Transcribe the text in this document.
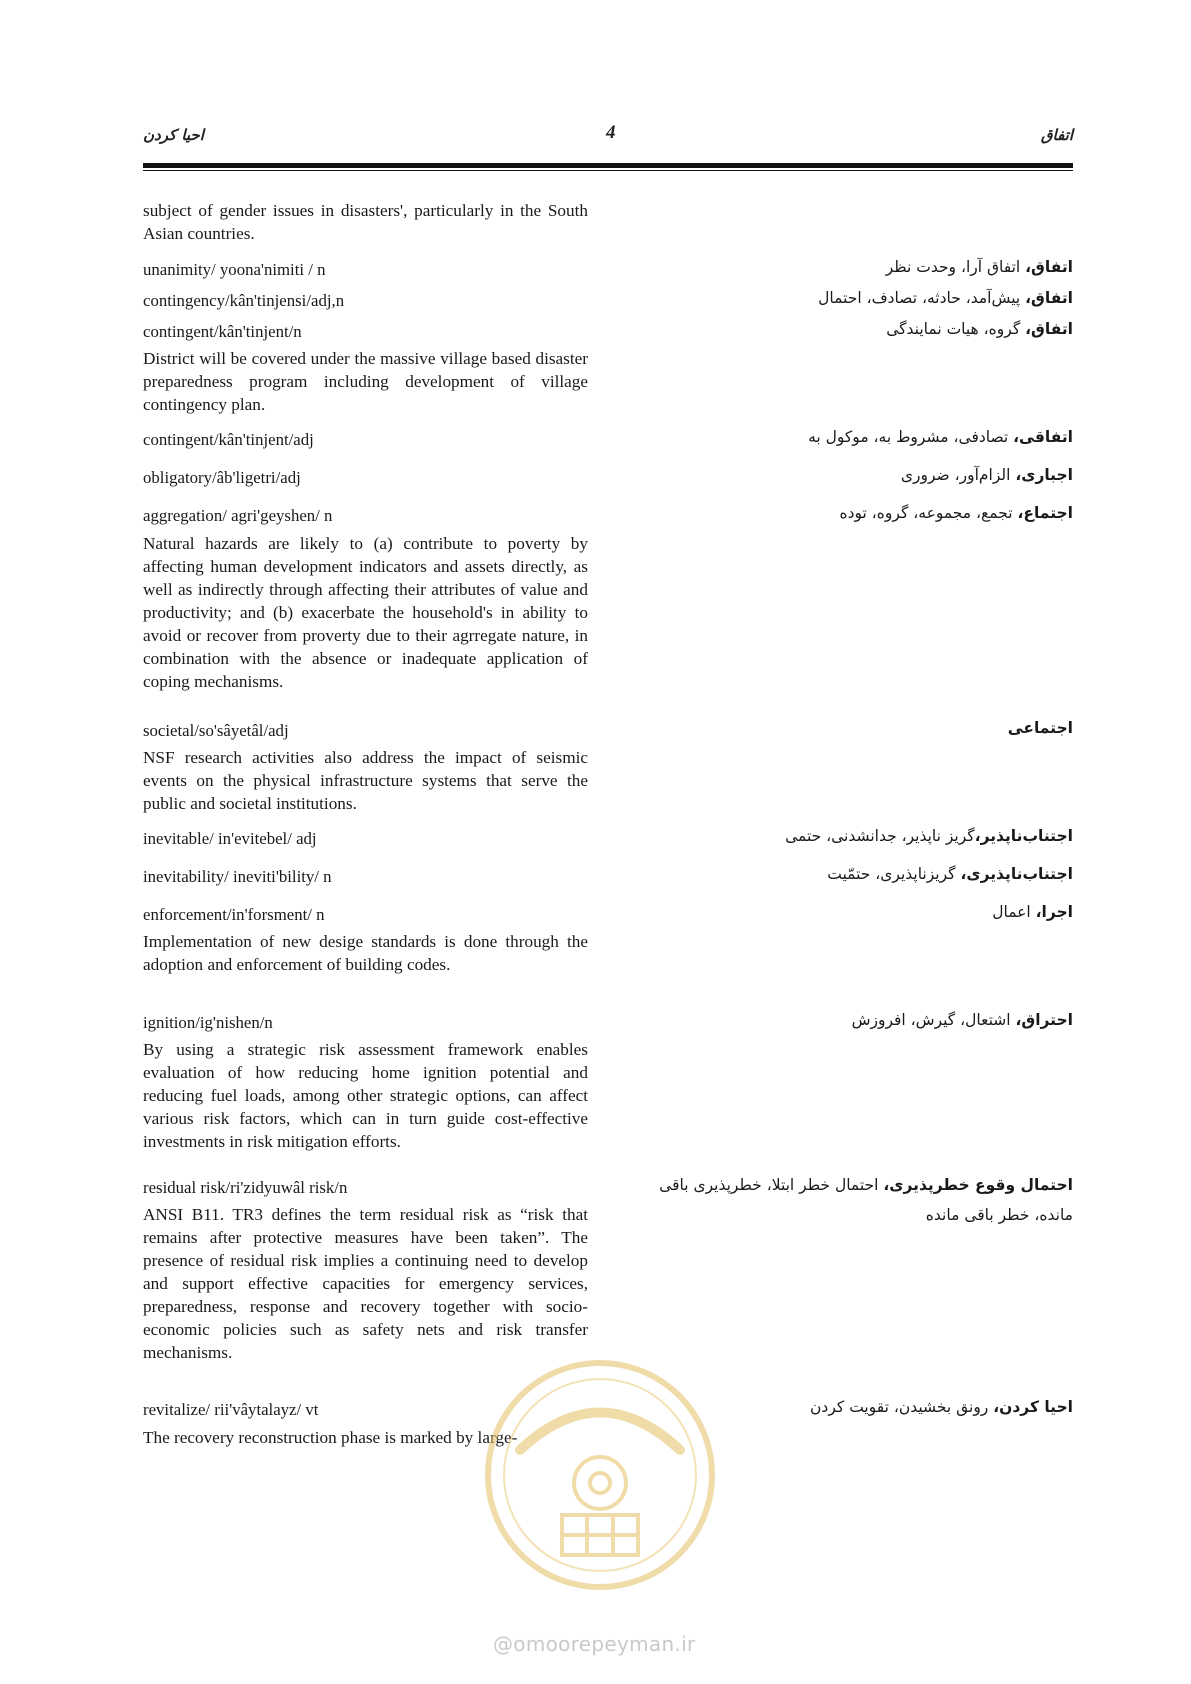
احیا کردن	4	اتفاق
subject of gender issues in disasters', particularly in the South Asian countries.
unanimity/ yoona'nimiti / n
contingency/kân'tinjensi/adj,n
contingent/kân'tinjent/n
District will be covered under the massive village based disaster preparedness program including development of village contingency plan.
contingent/kân'tinjent/adj
obligatory/âb'ligetri/adj
aggregation/ agri'geyshen/ n
Natural hazards are likely to (a) contribute to poverty by affecting human development indicators and assets directly, as well as indirectly through affecting their attributes of value and productivity; and (b) exacerbate the household's in ability to avoid or recover from proverty due to their agrregate nature, in combination with the absence or inadequate application of coping mechanisms.
societal/so'sâyetâl/adj
NSF research activities also address the impact of seismic events on the physical infrastructure systems that serve the public and societal institutions.
inevitable/ in'evitebel/ adj
inevitability/ ineviti'bility/ n
enforcement/in'forsment/ n
Implementation of new desige standards is done through the adoption and enforcement of building codes.
ignition/ig'nishen/n
By using a strategic risk assessment framework enables evaluation of how reducing home ignition potential and reducing fuel loads, among other strategic options, can affect various risk factors, which can in turn guide cost-effective investments in risk mitigation efforts.
residual risk/ri'zidyuwâl risk/n
ANSI B11. TR3 defines the term residual risk as “risk that remains after protective measures have been taken”. The presence of residual risk implies a continuing need to develop and support effective capacities for emergency services, preparedness, response and recovery together with socio-economic policies such as safety nets and risk transfer mechanisms.
revitalize/ rii'vâytalayz/ vt
The recovery reconstruction phase is marked by large-
اتفاق، اتفاق آرا، وحدت نظر
اتفاق، پیش‌آمد، حادثه، تصادف، احتمال
اتفاق، گروه، هیات نمایندگی
اتفاقی، تصادفی، مشروط به، موکول به
اجباری، الزام‌آور، ضروری
اجتماع، تجمع، مجموعه، گروه، توده
اجتماعی
اجتناب‌ناپذیر،گریز ناپذیر، جدانشدنی، حتمی
اجتناب‌ناپذیری، گریزناپذیری، حتمّیت
اجرا، اعمال
احتراق، اشتعال، گیرش، افروزش
احتمال وقوع خطرپذیری، احتمال خطر ابتلا، خطرپذیری باقی مانده، خطر باقی مانده
احیا کردن، رونق بخشیدن، تقویت کردن
@omoorepeyman.ir
